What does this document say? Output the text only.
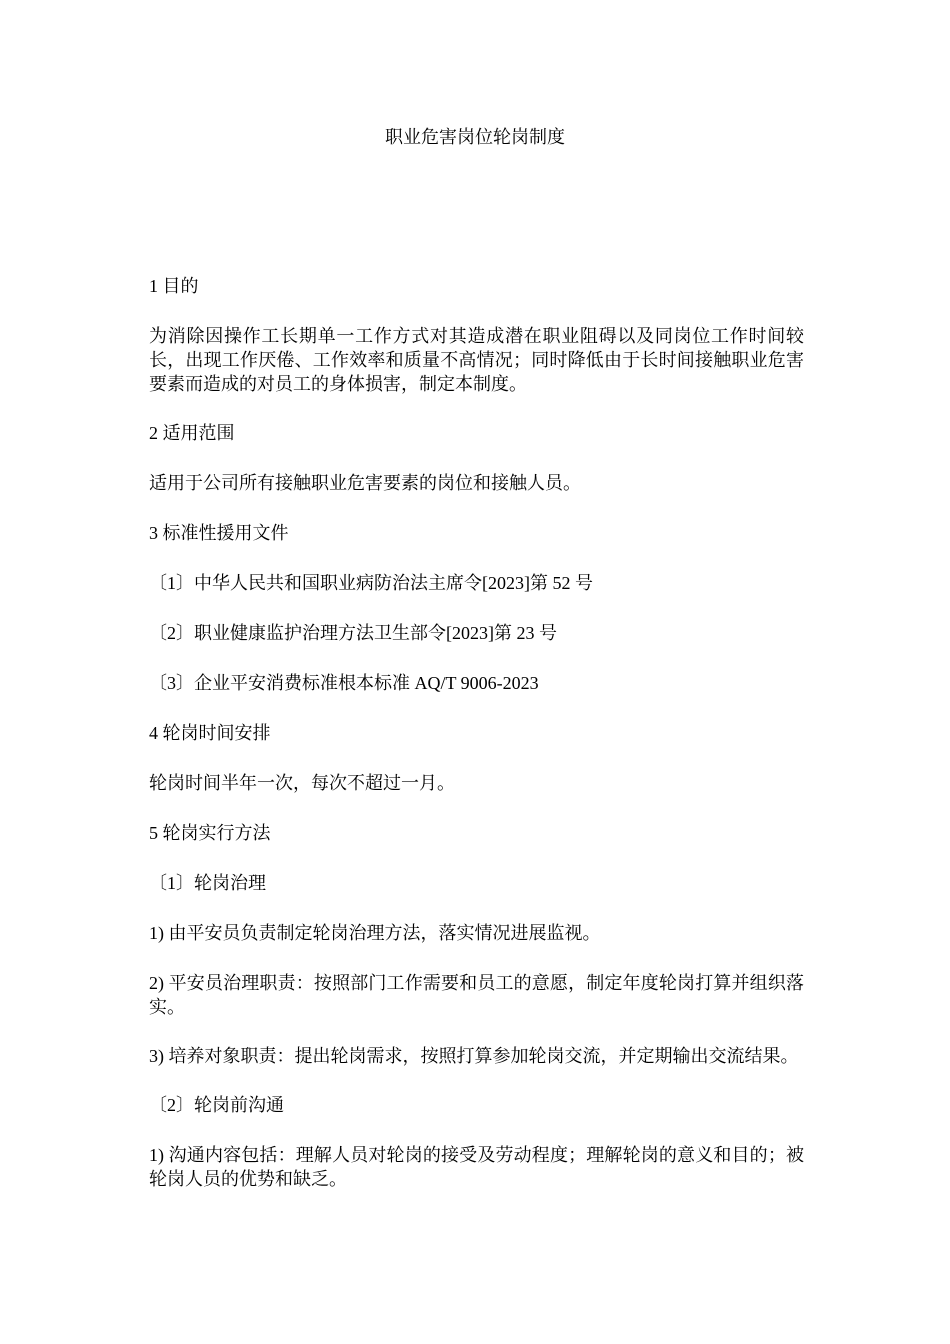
职业危害岗位轮岗制度

1 目的

为消除因操作工长期单一工作方式对其造成潜在职业阻碍以及同岗位工作时间较长，出现工作厌倦、工作效率和质量不高情况；同时降低由于长时间接触职业危害要素而造成的对员工的身体损害，制定本制度。

2 适用范围

适用于公司所有接触职业危害要素的岗位和接触人员。

3 标准性援用文件

〔1〕中华人民共和国职业病防治法主席令[2023]第 52 号

〔2〕职业健康监护治理方法卫生部令[2023]第 23 号

〔3〕企业平安消费标准根本标准 AQ/T 9006-2023

4 轮岗时间安排

轮岗时间半年一次，每次不超过一月。

5 轮岗实行方法

〔1〕轮岗治理

1) 由平安员负责制定轮岗治理方法，落实情况进展监视。

2) 平安员治理职责：按照部门工作需要和员工的意愿，制定年度轮岗打算并组织落实。

3) 培养对象职责：提出轮岗需求，按照打算参加轮岗交流，并定期输出交流结果。

〔2〕轮岗前沟通

1) 沟通内容包括：理解人员对轮岗的接受及劳动程度；理解轮岗的意义和目的；被轮岗人员的优势和缺乏。
